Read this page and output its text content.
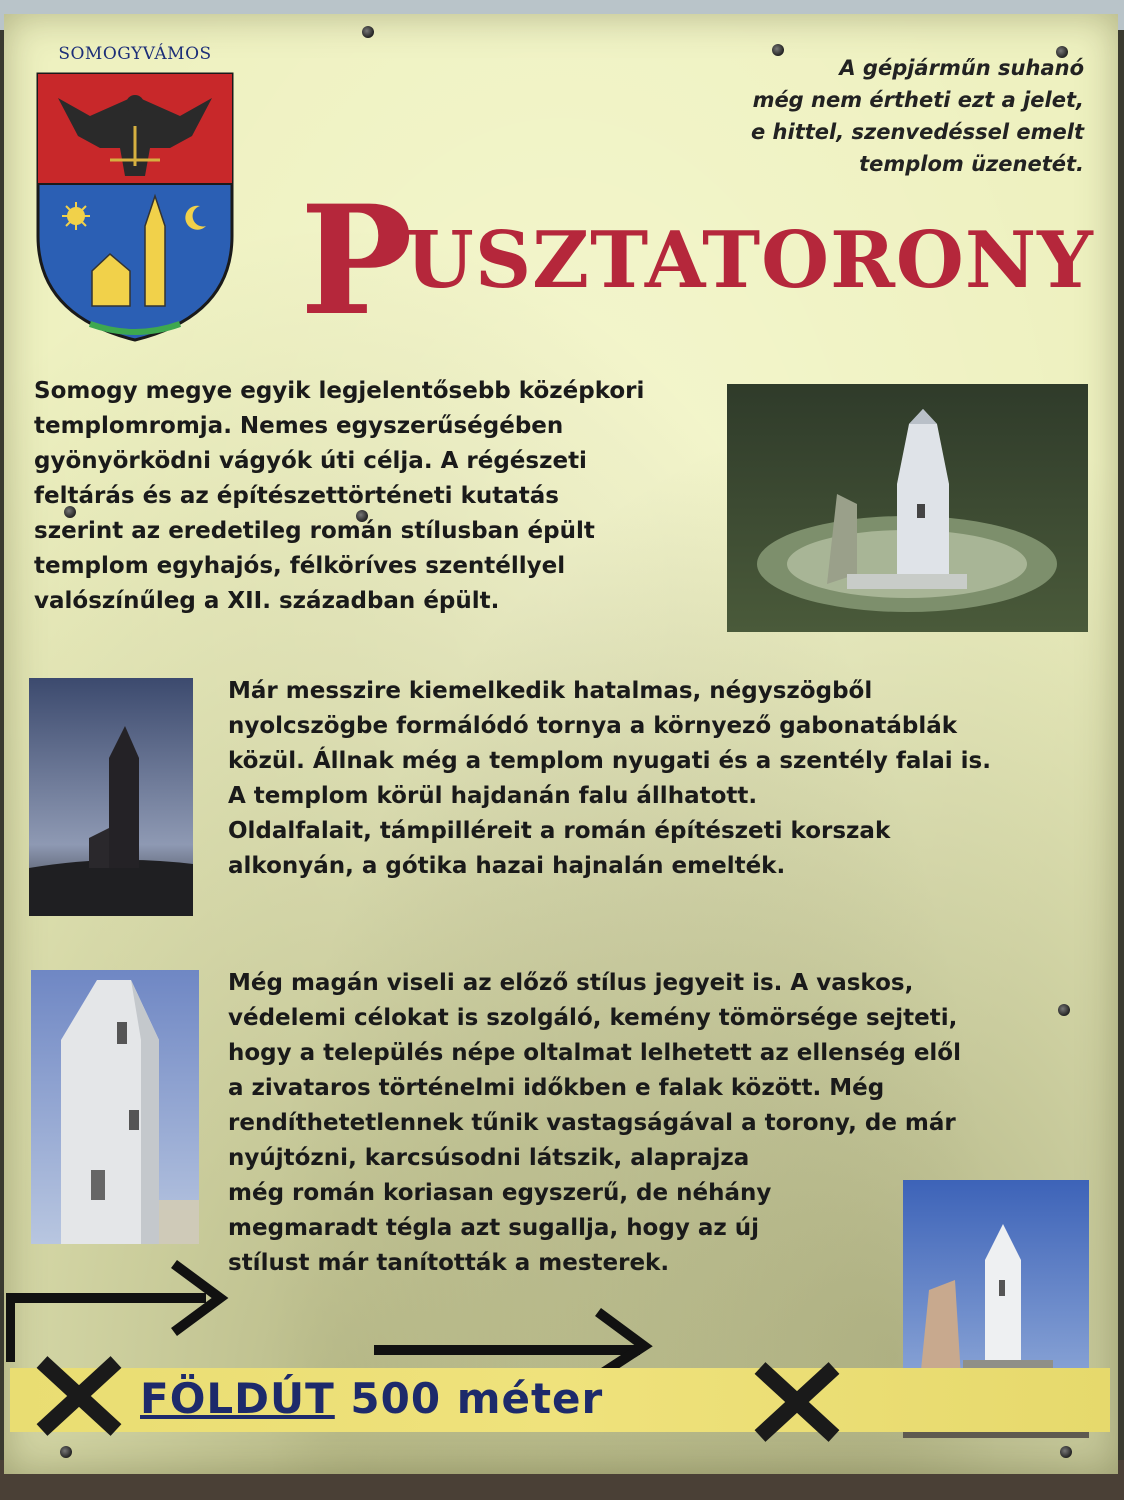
SOMOGYVÁMOS
A gépjárműn suhanó
még nem értheti ezt a jelet,
e hittel, szenvedéssel emelt
templom üzenetét.
PUSZTATORONY
Somogy megye egyik legjelentősebb középkori
templomromja. Nemes egyszerűségében
gyönyörködni vágyók úti célja. A régészeti
feltárás és az építészettörténeti kutatás
szerint az eredetileg román stílusban épült
templom egyhajós, félköríves szentéllyel
valószínűleg a XII. században épült.
Már messzire kiemelkedik hatalmas, négyszögből
nyolcszögbe formálódó tornya a környező gabonatáblák
közül. Állnak még a templom nyugati és a szentély falai is.
A templom körül hajdanán falu állhatott.
Oldalfalait, támpilléreit a román építészeti korszak
alkonyán, a gótika hazai hajnalán emelték.
Még magán viseli az előző stílus jegyeit is. A vaskos,
védelemi célokat is szolgáló, kemény tömörsége sejteti,
hogy a település népe oltalmat lelhetett az ellenség elől
a zivataros történelmi időkben e falak között. Még
rendíthetetlennek tűnik vastagságával a torony, de már
nyújtózni, karcsúsodni látszik, alaprajza
még román koriasan egyszerű, de néhány
megmaradt tégla azt sugallja, hogy az új
stílust már tanították a mesterek.
FÖLDÚT 500 méter
